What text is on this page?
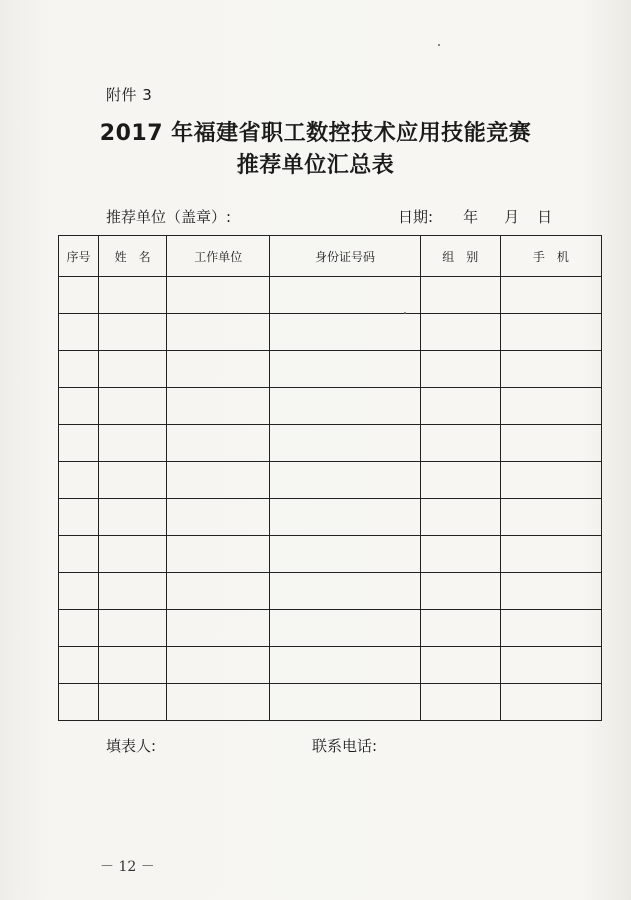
附件 3
2017 年福建省职工数控技术应用技能竞赛
推荐单位汇总表
推荐单位（盖章）:	日期: 年 月 日
序号	姓　名	工作单位	身份证号码	组　别	手　机

填表人:	联系电话:
－ 12 －
